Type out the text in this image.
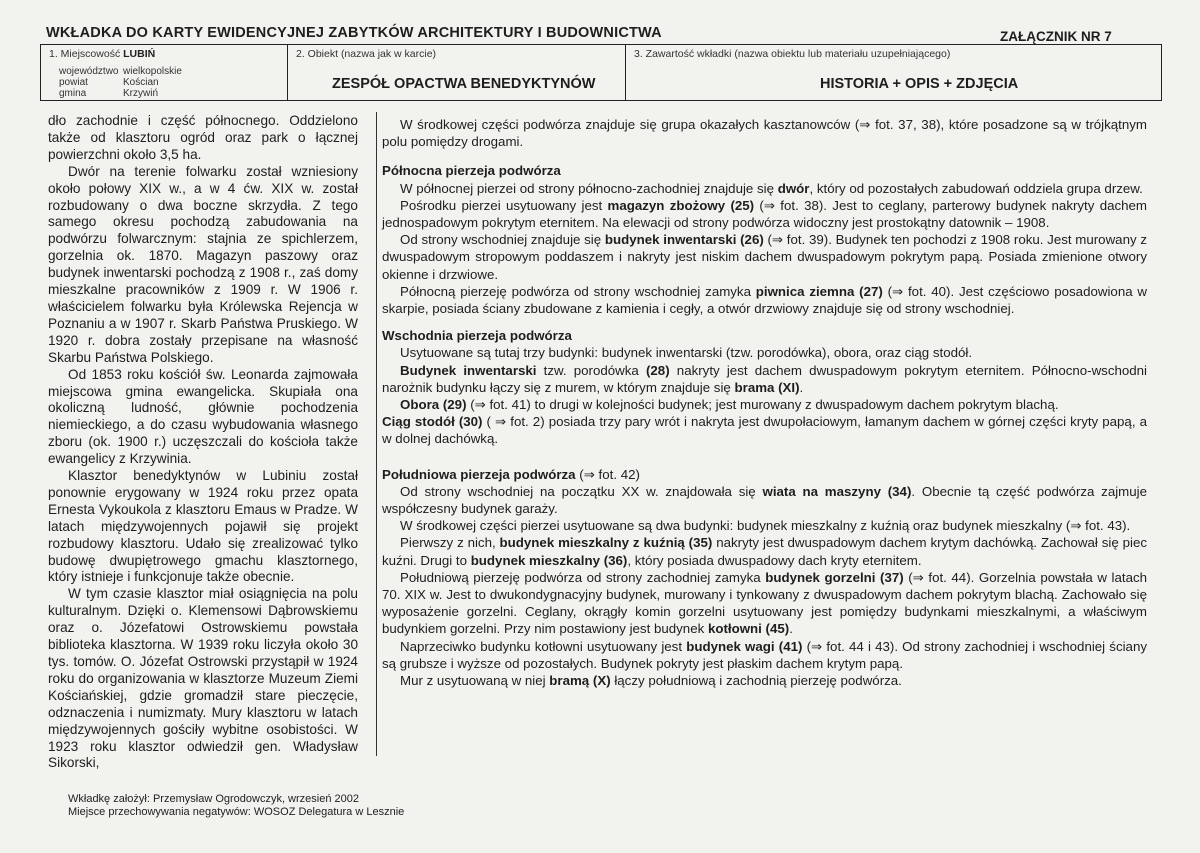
WKŁADKA DO KARTY EWIDENCYJNEJ ZABYTKÓW ARCHITEKTURY I BUDOWNICTWA	ZAŁĄCZNIK NR 7
1. Miejscowość LUBIŃ
województwo wielkopolskie
powiat	Kościan
gmina	Krzywiń
2. Obiekt (nazwa jak w karcie)
ZESPÓŁ OPACTWA BENEDYKTYNÓW
3. Zawartość wkładki (nazwa obiektu lub materiału uzupełniającego)
HISTORIA + OPIS + ZDJĘCIA

dło zachodnie i część północnego. Oddzielono także od klasztoru ogród oraz park o łącznej powierzchni około 3,5 ha.

Dwór na terenie folwarku został wzniesiony około połowy XIX w., a w 4 ćw. XIX w. został rozbudowany o dwa boczne skrzydła. Z tego samego okresu pochodzą zabudowania na podwórzu folwarcznym: stajnia ze spichlerzem, gorzelnia ok. 1870. Magazyn paszowy oraz budynek inwentarski pochodzą z 1908 r., zaś domy mieszkalne pracowników z 1909 r. W 1906 r. właścicielem folwarku była Królewska Rejencja w Poznaniu a w 1907 r. Skarb Państwa Pruskiego. W 1920 r. dobra zostały przepisane na własność Skarbu Państwa Polskiego.

Od 1853 roku kościół św. Leonarda zajmowała miejscowa gmina ewangelicka. Skupiała ona okoliczną ludność, głównie pochodzenia niemieckiego, a do czasu wybudowania własnego zboru (ok. 1900 r.) uczęszczali do kościoła także ewangelicy z Krzywinia.

Klasztor benedyktynów w Lubiniu został ponownie erygowany w 1924 roku przez opata Ernesta Vykoukola z klasztoru Emaus w Pradze. W latach międzywojennych pojawił się projekt rozbudowy klasztoru. Udało się zrealizować tylko budowę dwupiętrowego gmachu klasztornego, który istnieje i funkcjonuje także obecnie.

W tym czasie klasztor miał osiągnięcia na polu kulturalnym. Dzięki o. Klemensowi Dąbrowskiemu oraz o. Józefatowi Ostrowskiemu powstała biblioteka klasztorna. W 1939 roku liczyła około 30 tys. tomów. O. Józefat Ostrowski przystąpił w 1924 roku do organizowania w klasztorze Muzeum Ziemi Kościańskiej, gdzie gromadził stare pieczęcie, odznaczenia i numizmaty. Mury klasztoru w latach międzywojennych gościły wybitne osobistości. W 1923 roku klasztor odwiedził gen. Władysław Sikorski,

W środkowej części podwórza znajduje się grupa okazałych kasztanowców (⇒ fot. 37, 38), które posadzone są w trójkątnym polu pomiędzy drogami.

Północna pierzeja podwórza

W północnej pierzei od strony północno-zachodniej znajduje się dwór, który od pozostałych zabudowań oddziela grupa drzew.

Pośrodku pierzei usytuowany jest magazyn zbożowy (25) (⇒ fot. 38). Jest to ceglany, parterowy budynek nakryty dachem jednospadowym pokrytym eternitem. Na elewacji od strony podwórza widoczny jest prostokątny datownik – 1908.

Od strony wschodniej znajduje się budynek inwentarski (26) (⇒ fot. 39). Budynek ten pochodzi z 1908 roku. Jest murowany z dwuspadowym stropowym poddaszem i nakryty jest niskim dachem dwuspadowym pokrytym papą. Posiada zmienione otwory okienne i drzwiowe.

Północną pierzeję podwórza od strony wschodniej zamyka piwnica ziemna (27) (⇒ fot. 40). Jest częściowo posadowiona w skarpie, posiada ściany zbudowane z kamienia i cegły, a otwór drzwiowy znajduje się od strony wschodniej.

Wschodnia pierzeja podwórza

Usytuowane są tutaj trzy budynki: budynek inwentarski (tzw. porodówka), obora, oraz ciąg stodół.

Budynek inwentarski tzw. porodówka (28) nakryty jest dachem dwuspadowym pokrytym eternitem. Północno-wschodni narożnik budynku łączy się z murem, w którym znajduje się brama (XI).

Obora (29) (⇒ fot. 41) to drugi w kolejności budynek; jest murowany z dwuspadowym dachem pokrytym blachą.

Ciąg stodół (30) ( ⇒ fot. 2) posiada trzy pary wrót i nakryta jest dwupołaciowym, łamanym dachem w górnej części kryty papą, a w dolnej dachówką.

Południowa pierzeja podwórza (⇒ fot. 42)

Od strony wschodniej na początku XX w. znajdowała się wiata na maszyny (34). Obecnie tą część podwórza zajmuje współczesny budynek garaży.

W środkowej części pierzei usytuowane są dwa budynki: budynek mieszkalny z kuźnią oraz budynek mieszkalny (⇒ fot. 43).

Pierwszy z nich, budynek mieszkalny z kuźnią (35) nakryty jest dwuspadowym dachem krytym dachówką. Zachował się piec kuźni. Drugi to budynek mieszkalny (36), który posiada dwuspadowy dach kryty eternitem.

Południową pierzeję podwórza od strony zachodniej zamyka budynek gorzelni (37) (⇒ fot. 44). Gorzelnia powstała w latach 70. XIX w. Jest to dwukondygnacyjny budynek, murowany i tynkowany z dwuspadowym dachem pokrytym blachą. Zachowało się wyposażenie gorzelni. Ceglany, okrągły komin gorzelni usytuowany jest pomiędzy budynkami mieszkalnymi, a właściwym budynkiem gorzelni. Przy nim postawiony jest budynek kotłowni (45).

Naprzeciwko budynku kotłowni usytuowany jest budynek wagi (41) (⇒ fot. 44 i 43). Od strony zachodniej i wschodniej ściany są grubsze i wyższe od pozostałych. Budynek pokryty jest płaskim dachem krytym papą.

Mur z usytuowaną w niej bramą (X) łączy południową i zachodnią pierzeję podwórza.

Wkładkę założył: Przemysław Ogrodowczyk, wrzesień 2002
Miejsce przechowywania negatywów: WOSOZ Delegatura w Lesznie
